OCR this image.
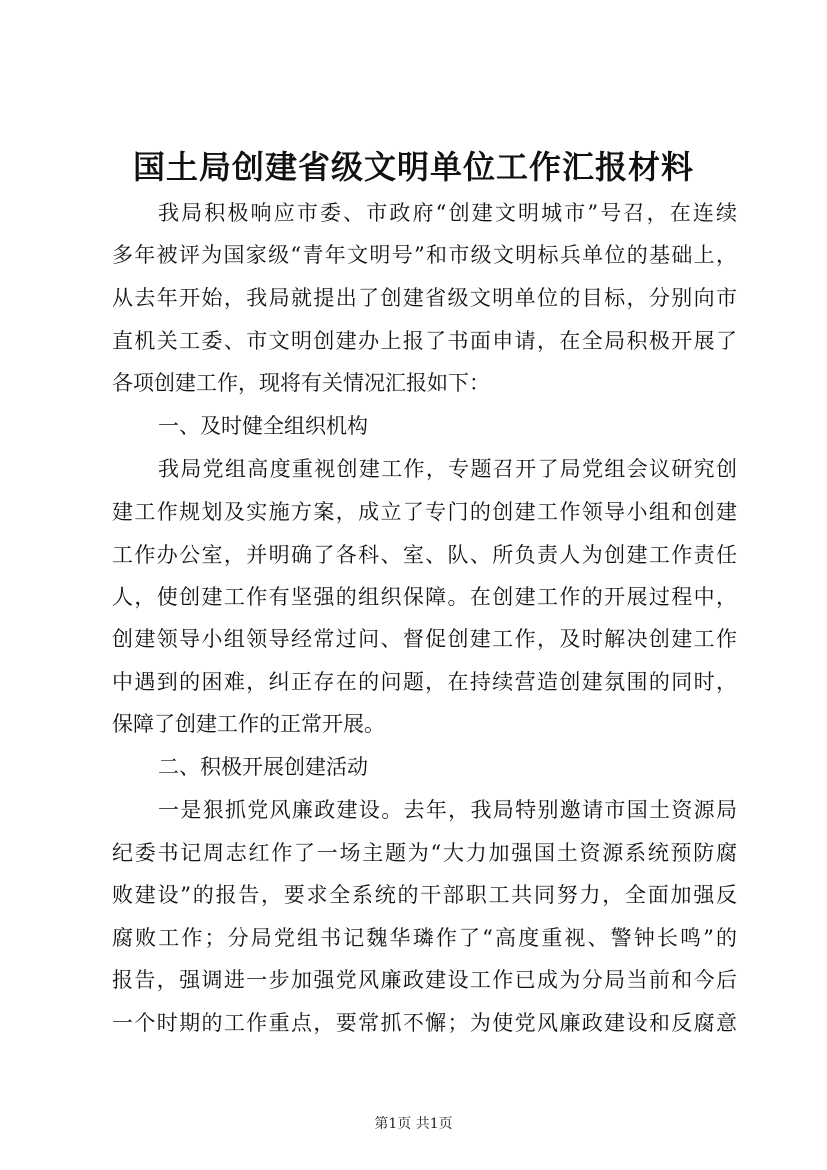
国土局创建省级文明单位工作汇报材料
我局积极响应市委、市政府“创建文明城市”号召，在连续
多年被评为国家级“青年文明号”和市级文明标兵单位的基础上，
从去年开始，我局就提出了创建省级文明单位的目标，分别向市
直机关工委、市文明创建办上报了书面申请，在全局积极开展了
各项创建工作，现将有关情况汇报如下：
一、及时健全组织机构
我局党组高度重视创建工作，专题召开了局党组会议研究创
建工作规划及实施方案，成立了专门的创建工作领导小组和创建
工作办公室，并明确了各科、室、队、所负责人为创建工作责任
人，使创建工作有坚强的组织保障。在创建工作的开展过程中，
创建领导小组领导经常过问、督促创建工作，及时解决创建工作
中遇到的困难，纠正存在的问题，在持续营造创建氛围的同时，
保障了创建工作的正常开展。
二、积极开展创建活动
一是狠抓党风廉政建设。去年，我局特别邀请市国土资源局
纪委书记周志红作了一场主题为“大力加强国土资源系统预防腐
败建设”的报告，要求全系统的干部职工共同努力，全面加强反
腐败工作；分局党组书记魏华璘作了“高度重视、警钟长鸣”的
报告，强调进一步加强党风廉政建设工作已成为分局当前和今后
一个时期的工作重点，要常抓不懈；为使党风廉政建设和反腐意
第1页 共1页
